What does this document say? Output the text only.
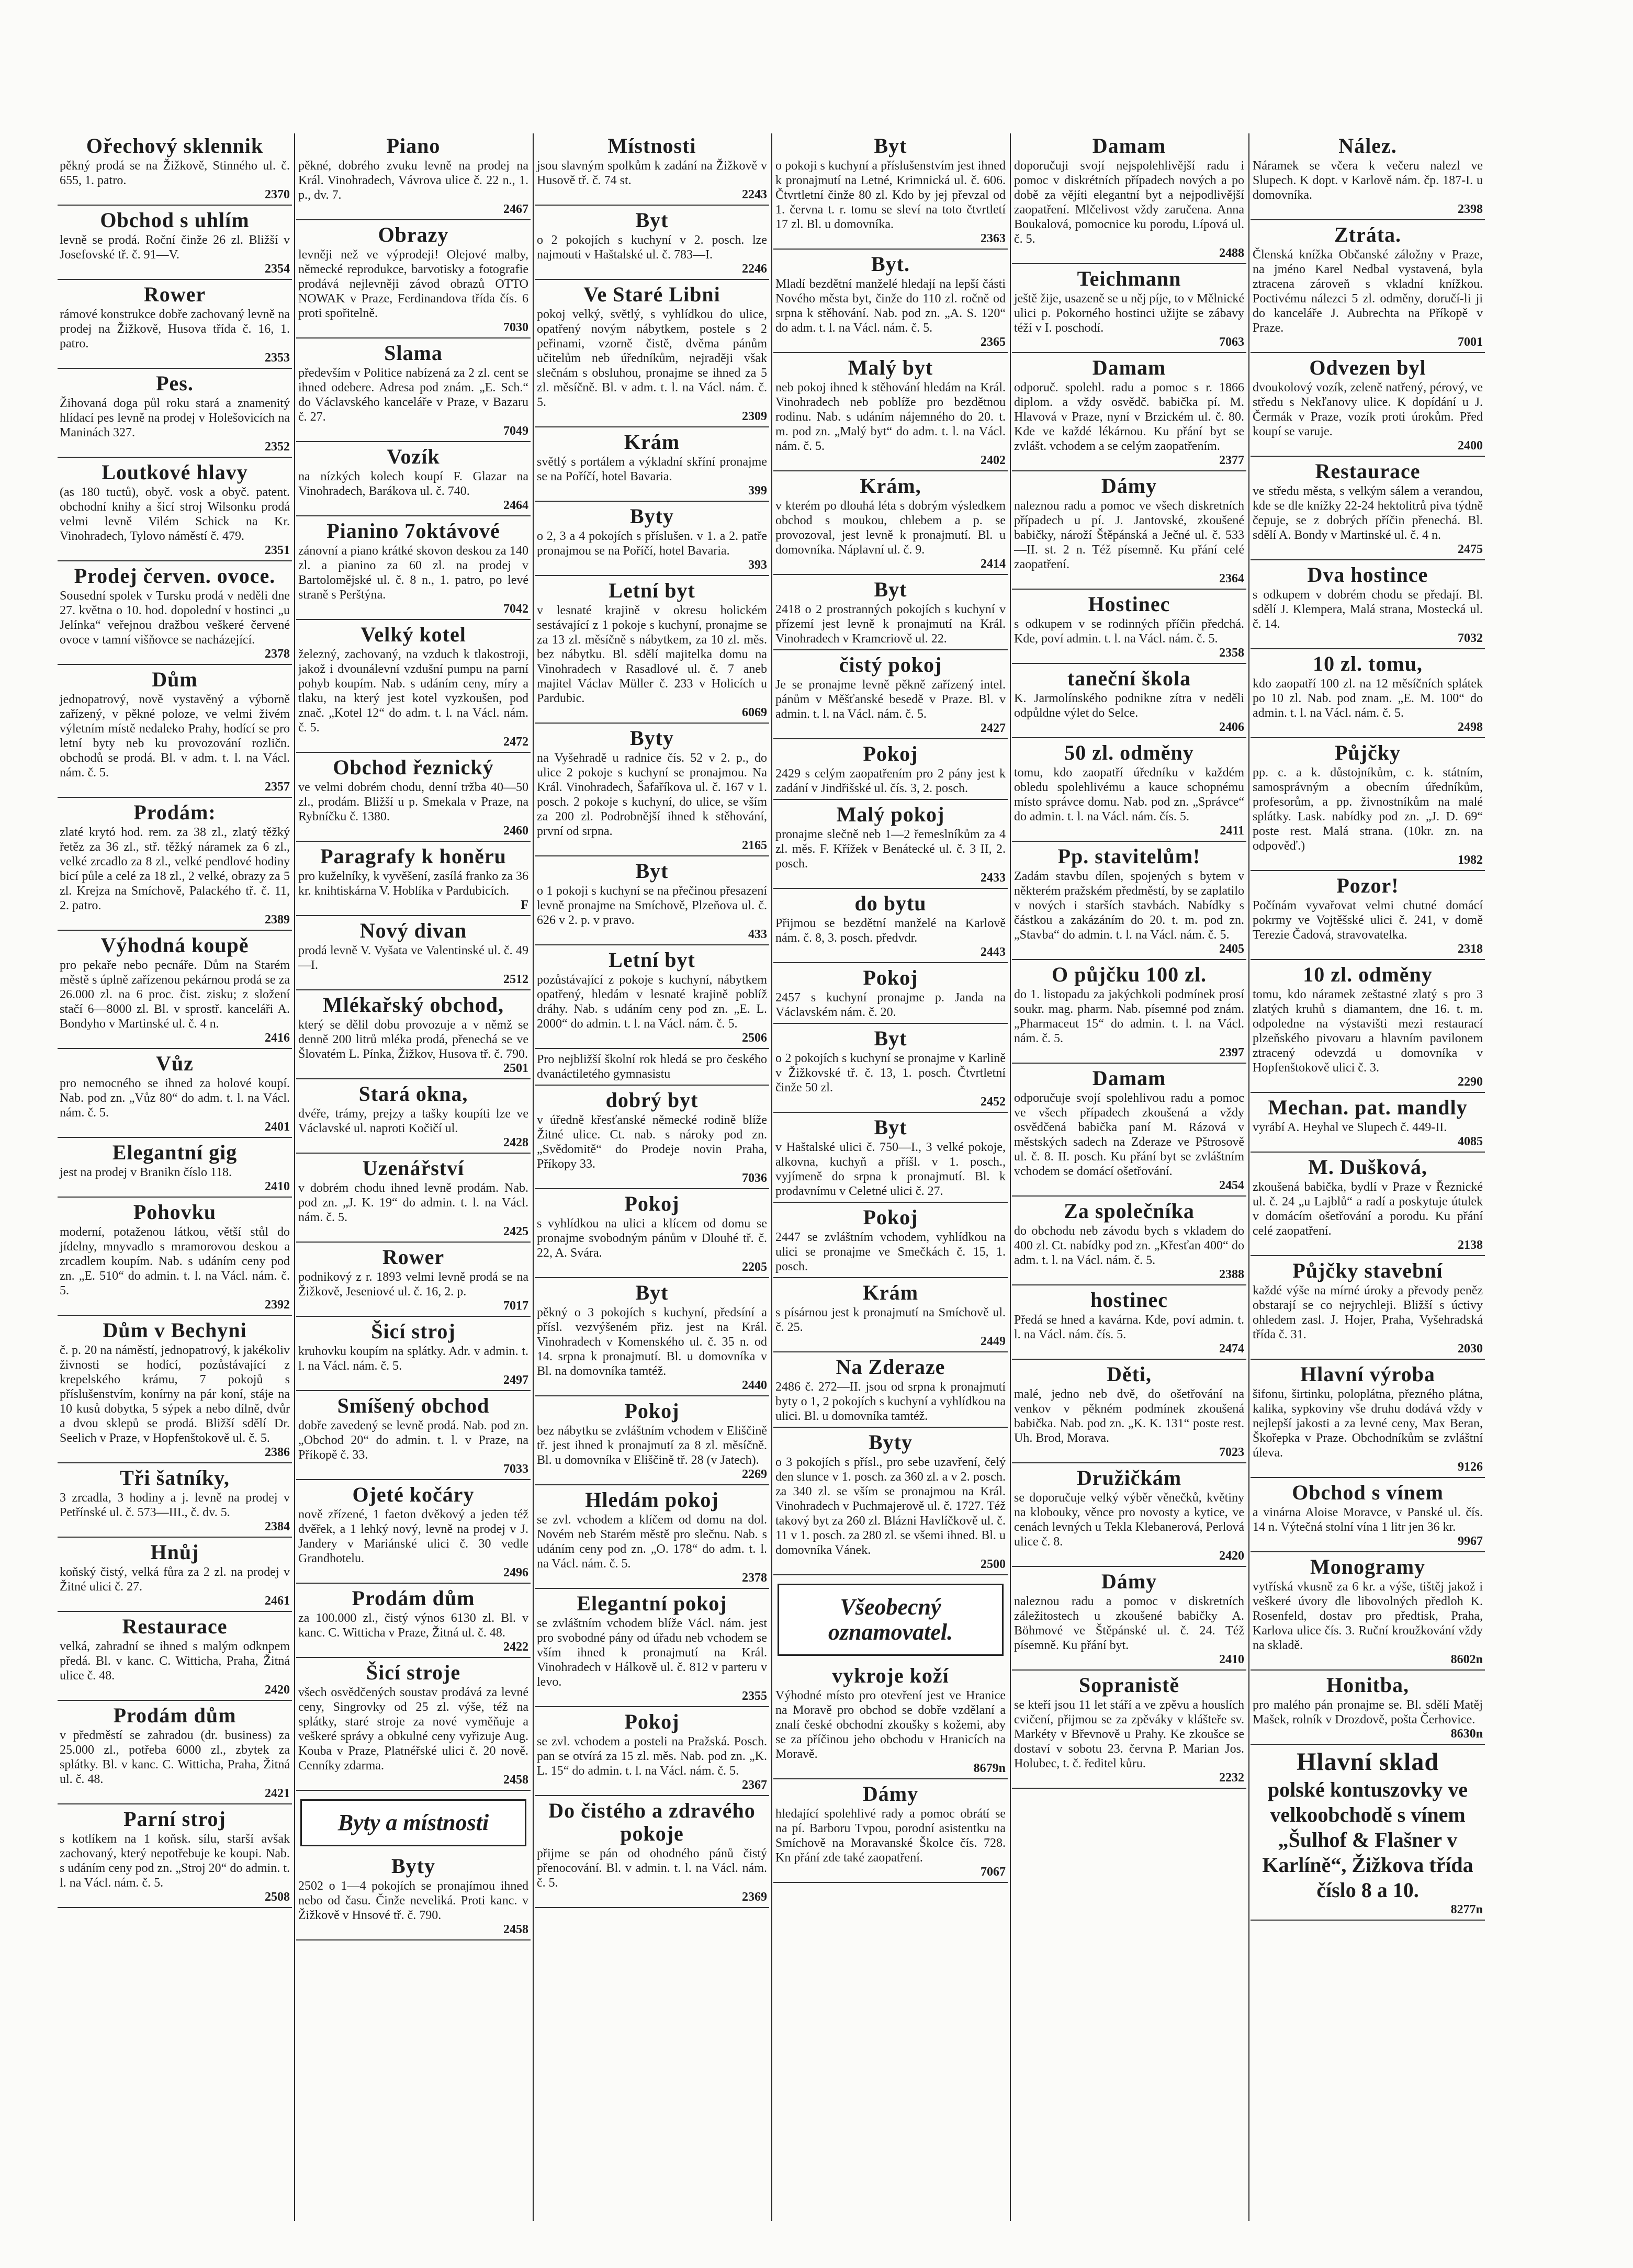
Ořechový sklennik

pěkný prodá se na Žižkově, Stinného ul. č. 655, 1. patro.

2370
Obchod s uhlím

levně se prodá. Roční činže 26 zl. Bližší v Josefovské tř. č. 91—V.

2354
Rower

rámové konstrukce dobře zachovaný levně na prodej na Žižkově, Husova třída č. 16, 1. patro.

2353
Pes.

Žihovaná doga půl roku stará a znamenitý hlídací pes levně na prodej v Holešovicích na Maninách 327.

2352
Loutkové hlavy

(as 180 tuctů), obyč. vosk a obyč. patent. obchodní knihy a šicí stroj Wilsonku prodá velmi levně Vilém Schick na Kr. Vinohradech, Tylovo náměstí č. 479.

2351
Prodej červen. ovoce.

Sousední spolek v Tursku prodá v neděli dne 27. května o 10. hod. dopolední v hostinci „u Jelínka“ veřejnou dražbou veškeré červené ovoce v tamní višňovce se nacházející.

2378
Dům

jednopatrový, nově vystavěný a výborně zařízený, v pěkné poloze, ve velmi živém výletním místě nedaleko Prahy, hodící se pro letní byty neb ku provozování rozličn. obchodů se prodá. Bl. v adm. t. l. na Václ. nám. č. 5.

2357
Prodám:

zlaté krytó hod. rem. za 38 zl., zlatý těžký řetěz za 36 zl., stř. těžký náramek za 6 zl., velké zrcadlo za 8 zl., velké pendlové hodiny bicí půle a celé za 18 zl., 2 velké, obrazy za 5 zl. Krejza na Smíchově, Palackého tř. č. 11, 2. patro.

2389
Výhodná koupě

pro pekaře nebo pecnáře. Dům na Starém městě s úplně zařízenou pekárnou prodá se za 26.000 zl. na 6 proc. čist. zisku; z složení stačí 6—8000 zl. Bl. v sprostř. kanceláři A. Bondyho v Martinské ul. č. 4 n.

2416
Vůz

pro nemocného se ihned za holové koupí. Nab. pod zn. „Vůz 80“ do adm. t. l. na Václ. nám. č. 5.

2401
Elegantní gig

jest na prodej v Branikn číslo 118.

2410
Pohovku

moderní, potaženou látkou, větší stůl do jídelny, mnyvadlo s mramorovou deskou a zrcadlem koupím. Nab. s udáním ceny pod zn. „E. 510“ do admin. t. l. na Václ. nám. č. 5.

2392
Dům v Bechyni

č. p. 20 na náměstí, jednopatrový, k jakékoliv živnosti se hodící, pozůstávající z krepelského krámu, 7 pokojů s příslušenstvím, konírny na pár koní, stáje na 10 kusů dobytka, 5 sýpek a nebo dílně, dvůr a dvou sklepů se prodá. Bližší sdělí Dr. Seelich v Praze, v Hopfenštokově ul. č. 5.

2386
Tři šatníky,

3 zrcadla, 3 hodiny a j. levně na prodej v Petřínské ul. č. 573—III., č. dv. 5.

2384
Hnůj

koňský čistý, velká fůra za 2 zl. na prodej v Žitné ulici č. 27.

2461
Restaurace

velká, zahradní se ihned s malým odknpem předá. Bl. v kanc. C. Witticha, Praha, Žitná ulice č. 48.

2420
Prodám dům

v předměstí se zahradou (dr. business) za 25.000 zl., potřeba 6000 zl., zbytek za splátky. Bl. v kanc. C. Witticha, Praha, Žitná ul. č. 48.

2421
Parní stroj

s kotlíkem na 1 koňsk. sílu, starší avšak zachovaný, který nepotřebuje ke koupi. Nab. s udáním ceny pod zn. „Stroj 20“ do admin. t. l. na Václ. nám. č. 5.

2508
Piano

pěkné, dobrého zvuku levně na prodej na Král. Vinohradech, Vávrova ulice č. 22 n., 1. p., dv. 7.

2467
Obrazy

levněji než ve výprodeji! Olejové malby, německé reprodukce, barvotisky a fotografie prodává nejlevněji závod obrazů OTTO NOWAK v Praze, Ferdinandova třída čís. 6 proti spořitelně.

7030
Slama

především v Politice nabízená za 2 zl. cent se ihned odebere. Adresa pod znám. „E. Sch.“ do Václavského kanceláře v Praze, v Bazaru č. 27.

7049
Vozík

na nízkých kolech koupí F. Glazar na Vinohradech, Barákova ul. č. 740.

2464
Pianino 7oktávové

zánovní a piano krátké skovon deskou za 140 zl. a pianino za 60 zl. na prodej v Bartolomějské ul. č. 8 n., 1. patro, po levé straně s Perštýna.

7042
Velký kotel

železný, zachovaný, na vzduch k tlakostroji, jakož i dvounálevní vzdušní pumpu na parní pohyb koupím. Nab. s udáním ceny, míry a tlaku, na který jest kotel vyzkoušen, pod znač. „Kotel 12“ do adm. t. l. na Václ. nám. č. 5.

2472
Obchod řeznický

ve velmi dobrém chodu, denní tržba 40—50 zl., prodám. Bližší u p. Smekala v Praze, na Rybníčku č. 1380.

2460
Paragrafy k honěru

pro kuželníky, k vyvěšení, zasílá franko za 36 kr. knihtiskárna V. Hoblíka v Pardubicích.

F
Nový divan

prodá levně V. Vyšata ve Valentinské ul. č. 49—I.

2512
Mlékařský obchod,

který se dělil dobu provozuje a v němž se denně 200 litrů mléka prodá, přenechá se ve Šlovatém L. Pínka, Žižkov, Husova tř. č. 790.

2501
Stará okna,

dvéře, trámy, prejzy a tašky koupíti lze ve Václavské ul. naproti Kočičí ul.

2428
Uzenářství

v dobrém chodu ihned levně prodám. Nab. pod zn. „J. K. 19“ do admin. t. l. na Václ. nám. č. 5.

2425
Rower

podnikový z r. 1893 velmi levně prodá se na Žižkově, Jeseniové ul. č. 16, 2. p.

7017
Šicí stroj

kruhovku koupím na splátky. Adr. v admin. t. l. na Václ. nám. č. 5.

2497
Smíšený obchod

dobře zavedený se levně prodá. Nab. pod zn. „Obchod 20“ do admin. t. l. v Praze, na Příkopě č. 33.

7033
Ojeté kočáry

nově zřízené, 1 faeton dvěkový a jeden též dvěřek, a 1 lehký nový, levně na prodej v J. Jandery v Mariánské ulici č. 30 vedle Grandhotelu.

2496
Prodám dům

za 100.000 zl., čistý výnos 6130 zl. Bl. v kanc. C. Wittichа v Praze, Žitná ul. č. 48.

2422
Šicí stroje

všech osvědčených soustav prodává za levné ceny, Singrovky od 25 zl. výše, též na splátky, staré stroje za nové vyměňuje a veškeré správy a obkulné ceny vyřizuje Aug. Kouba v Praze, Platnéřské ulici č. 20 nově. Cenníky zdarma.

2458
Byty a místnosti
Byty

2502 o 1—4 pokojích se pronajímou ihned nebo od času. Činže neveliká. Proti kanc. v Žižkově v Hnsové tř. č. 790.

2458
Místnosti

jsou slavným spolkům k zadání na Žižkově v Husově tř. č. 74 st.

2243
Byt

o 2 pokojích s kuchyní v 2. posch. lze najmouti v Haštalské ul. č. 783—I.

2246
Ve Staré Libni

pokoj velký, světlý, s vyhlídkou do ulice, opatřený novým nábytkem, postele s 2 peřinami, vzorně čistě, dvěma pánům učitelům neb úředníkům, nejraději však slečnám s obsluhou, pronajme se ihned za 5 zl. měsíčně. Bl. v adm. t. l. na Václ. nám. č. 5.

2309
Krám

světlý s portálem a výkladní skříní pronajme se na Poříčí, hotel Bavaria.

399
Byty

o 2, 3 a 4 pokojích s příslušen. v 1. a 2. patře pronajmou se na Poříčí, hotel Bavaria.

393
Letní byt

v lesnaté krajině v okresu holickém sestávající z 1 pokoje s kuchyní, pronajme se za 13 zl. měsíčně s nábytkem, za 10 zl. měs. bez nábytku. Bl. sdělí majitelka domu na Vinohradech v Rasadlové ul. č. 7 aneb majitel Václav Müller č. 233 v Holicích u Pardubic.

6069
Byty

na Vyšehradě u radnice čís. 52 v 2. p., do ulice 2 pokoje s kuchyní se pronajmou. Na Král. Vinohradech, Šafaříkova ul. č. 167 v 1. posch. 2 pokoje s kuchyní, do ulice, se vším za 200 zl. Podrobnější ihned k stěhování, první od srpna.

2165
Byt

o 1 pokoji s kuchyní se na přečinou přesazení levně pronajme na Smíchově, Plzeňova ul. č. 626 v 2. p. v pravo.

433
Letní byt

pozůstávající z pokoje s kuchyní, nábytkem opatřený, hledám v lesnaté krajině poblíž dráhy. Nab. s udáním ceny pod zn. „E. L. 2000“ do admin. t. l. na Václ. nám. č. 5.

2506

Pro nejbližší školní rok hledá se pro českého dvanáctiletého gymnasistu

dobrý byt

v úředně křesťanské německé rodině blíže Žitné ulice. Ct. nab. s nároky pod zn. „Svědomitě“ do Prodeje novin Praha, Příkopy 33.

7036
Pokoj

s vyhlídkou na ulici a klícem od domu se pronajme svobodným pánům v Dlouhé tř. č. 22, A. Svára.

2205
Byt

pěkný o 3 pokojích s kuchyní, předsíní a přísl. vezvýšeném přiz. jest na Král. Vinohradech v Komenského ul. č. 35 n. od 14. srpna k pronajmutí. Bl. u domovníka v Bl. na domovníka tamtéž.

2440
Pokoj

bez nábytku se zvláštním vchodem v Eliščině tř. jest ihned k pronajmutí za 8 zl. měsíčně. Bl. u domovníka v Eliščině tř. 28 (v Jatech).

2269
Hledám pokoj

se zvl. vchodem a klíčem od domu na dol. Novém neb Starém městě pro slečnu. Nab. s udáním ceny pod zn. „O. 178“ do adm. t. l. na Václ. nám. č. 5.

2378
Elegantní pokoj

se zvláštním vchodem blíže Václ. nám. jest pro svobodné pány od úřadu neb vchodem se vším ihned k pronajmutí na Král. Vinohradech v Hálkově ul. č. 812 v parteru v levo.

2355
Pokoj

se zvl. vchodem a posteli na Pražská. Posch. pan se otvírá za 15 zl. měs. Nab. pod zn. „K. L. 15“ do admin. t. l. na Václ. nám. č. 5.

2367
Do čistého a zdravého pokoje

přijme se pán od ohodného pánů čistý přenocování. Bl. v admin. t. l. na Václ. nám. č. 5.

2369
Byt

o pokoji s kuchyní a příslušenstvím jest ihned k pronajmutí na Letné, Krimnická ul. č. 606. Čtvrtletní činže 80 zl. Kdo by jej převzal od 1. června t. r. tomu se sleví na toto čtvrtletí 17 zl. Bl. u domovníka.

2363
Byt.

Mladí bezdětní manželé hledají na lepší části Nového města byt, činže do 110 zl. ročně od srpna k stěhování. Nab. pod zn. „A. S. 120“ do adm. t. l. na Václ. nám. č. 5.

2365
Malý byt

neb pokoj ihned k stěhování hledám na Král. Vinohradech neb poblíže pro bezdětnou rodinu. Nab. s udáním nájemného do 20. t. m. pod zn. „Malý byt“ do adm. t. l. na Václ. nám. č. 5.

2402
Krám,

v kterém po dlouhá léta s dobrým výsledkem obchod s moukou, chlebem a p. se provozoval, jest levně k pronajmutí. Bl. u domovníka. Náplavní ul. č. 9.

2414
Byt

2418 o 2 prostranných pokojích s kuchyní v přízemí jest levně k pronajmutí na Král. Vinohradech v Kramcriově ul. 22.

čistý pokoj

Je se pronajme levně pěkně zařízený intel. pánům v Měšťanské besedě v Praze. Bl. v admin. t. l. na Václ. nám. č. 5.

2427
Pokoj

2429 s celým zaopatřením pro 2 pány jest k zadání v Jindřišské ul. čís. 3, 2. posch.

Malý pokoj

pronajme slečně neb 1—2 řemeslníkům za 4 zl. měs. F. Křížek v Benátecké ul. č. 3 II, 2. posch.

2433
do bytu

Přijmou se bezdětní manželé na Karlově nám. č. 8, 3. posch. předvdr.

2443
Pokoj

2457 s kuchyní pronajme p. Jandа na Václavském nám. č. 20.

Byt

o 2 pokojích s kuchyní se pronajme v Karlině v Žižkovské tř. č. 13, 1. posch. Čtvrtletní činže 50 zl.

2452
Byt

v Haštalské ulici č. 750—I., 3 velké pokoje, alkovna, kuchyň a příšl. v 1. posch., vyjímeně do srpna k pronajmutí. Bl. k prodavnímu v Celetné ulici č. 27.

Pokoj

2447 se zvláštním vchodem, vyhlídkou na ulici se pronajme ve Smečkách č. 15, 1. posch.

Krám

s písárnou jest k pronajmutí na Smíchově ul. č. 25.

2449
Na Zderaze

2486 č. 272—II. jsou od srpna k pronajmutí byty o 1, 2 pokojích s kuchyní a vyhlídkou na ulici. Bl. u domovníka tamtéž.

Byty

o 3 pokojích s přísl., pro sebe uzavření, čelý den slunce v 1. posch. za 360 zl. a v 2. posch. za 340 zl. se vším se pronajmou na Král. Vinohradech v Puchmajerově ul. č. 1727. Též takový byt za 260 zl. Blázni Havlíčkově ul. č. 11 v 1. posch. za 280 zl. se všemi ihned. Bl. u domovníka Vánek.

2500
Všeobecný oznamovatel.
vykroje koží

Výhodné místo pro otevření jest ve Hranice na Moravě pro obchod se dobře vzdělaní a znalí české obchodní zkoušky s kožemi, aby se za příčinou jeho obchodu v Hranicích na Moravě.

8679n
Dámy

hledající spolehlivé rady a pomoc obrátí se na pí. Barboru Tvpou, porodní asistentku na Smíchově na Moravanské Školce čís. 728. Kn přání zde také zaopatření.

7067
Damam

doporučuji svojí nejspolehlivější radu i pomoc v diskrétních případech nových a po době za vějíti elegantní byt a nejpodlivější zaopatření. Mlčelivost vždy zaručena. Anna Boukalová, pomocnice ku porodu, Lípová ul. č. 5.

2488
Teichmann

ještě žije, usazeně se u něj píje, to v Mělnické ulici p. Pokorného hostinci užijte se zábavy téží v I. poschodí.

7063
Damam

odporuč. spolehl. radu a pomoc s r. 1866 diplom. a vždy osvědč. babička pí. M. Hlavová v Praze, nyní v Brzickém ul. č. 80. Kde ve každé lékárnou. Ku přání byt se zvlášt. vchodem a se celým zaopatřením.

2377
Dámy

naleznou radu a pomoc ve všech diskretních případech u pí. J. Jantovské, zkoušené babičky, nároží Štěpánská a Ječné ul. č. 533—II. st. 2 n. Též písemně. Ku přání celé zaopatření.

2364
Hostinec

s odkupem v se rodinných příčin předchá. Kde, poví admin. t. l. na Václ. nám. č. 5.

2358
taneční škola

K. Jarmolínského podnikne zítra v neděli odpůldne výlet do Selce.

2406
50 zl. odměny

tomu, kdo zaopatří úředníku v každém obledu spolehlivému a kauce schopnému místo správce domu. Nab. pod zn. „Správce“ do admin. t. l. na Václ. nám. čís. 5.

2411
Pp. stavitelům!

Zadám stavbu dílen, spojených s bytem v některém pražském předměstí, by se zaplatilo v nových i starších stavbách. Nabídky s částkou a zakázáním do 20. t. m. pod zn. „Stavba“ do admin. t. l. na Václ. nám. č. 5.

2405
O půjčku 100 zl.

do 1. listopadu za jakýchkoli podmínek prosí soukr. mag. pharm. Nab. písemné pod znám. „Pharmaceut 15“ do admin. t. l. na Václ. nám. č. 5.

2397
Damam

odporučuje svojí spolehlivou radu a pomoc ve všech případech zkoušená a vždy osvědčená babička paní M. Rázová v městských sadech na Zderaze ve Pštrosově ul. č. 8. II. posch. Ku přání byt se zvláštním vchodem se domácí ošetřování.

2454
Za společníka

do obchodu neb závodu bych s vkladem do 400 zl. Ct. nabídky pod zn. „Křesťan 400“ do adm. t. l. na Václ. nám. č. 5.

2388
hostinec

Předá se hned a kavárna. Kde, poví admin. t. l. na Václ. nám. čís. 5.

2474
Děti,

malé, jedno neb dvě, do ošetřování na venkov v pěkném podmínek zkoušená babička. Nab. pod zn. „K. K. 131“ poste rest. Uh. Brod, Morava.

7023
Družičkám

se doporučuje velký výběr věnečků, květiny na klobouky, věnce pro novosty a kytice, ve cenách levných u Tekla Klebanerová, Perlová ulice č. 8.

2420
Dámy

naleznou radu a pomoc v diskretních záležitostech u zkoušené babičky A. Böhmové ve Štěpánské ul. č. 24. Též písemně. Ku přání byt.

2410
Sopranistě

se kteří jsou 11 let stáří a ve zpěvu a houslích cvičení, přijmou se za zpěváky v klášteře sv. Markéty v Břevnově u Prahy. Ke zkoušce se dostaví v sobotu 23. června P. Marian Jos. Holubec, t. č. ředitel kůru.

2232
Nález.

Náramek se včera k večeru nalezl ve Slupech. K dopt. v Karlově nám. čp. 187-I. u domovníka.

2398
Ztráta.

Členská knížka Občanské záložny v Praze, na jméno Karel Nedbal vystavená, byla ztracena zároveň s vkladní knížkou. Poctivému nálezci 5 zl. odměny, doručí-li ji do kanceláře J. Aubrechta na Příkopě v Praze.

7001
Odvezen byl

dvoukolový vozík, zeleně natřený, pérový, ve středu s Nekľanovy ulice. K dopídání u J. Čermák v Praze, vozík proti úrokům. Před koupí se varuje.

2400
Restaurace

ve středu města, s velkým sálem a verandou, kde se dle knížky 22-24 hektolitrů piva týdně čepuje, se z dobrých příčin přenechá. Bl. sdělí A. Bondy v Martinské ul. č. 4 n.

2475
Dva hostince

s odkupem v dobrém chodu se předají. Bl. sdělí J. Klempera, Malá strana, Mostecká ul. č. 14.

7032
10 zl. tomu,

kdo zaopatří 100 zl. na 12 měsíčních splátek po 10 zl. Nab. pod znam. „E. M. 100“ do admin. t. l. na Václ. nám. č. 5.

2498
Půjčky

pp. c. a k. důstojníkům, c. k. státním, samosprávným a obecním úředníkům, profesorům, a pp. živnostníkům na malé splátky. Lask. nabídky pod zn. „J. D. 69“ poste rest. Malá strana. (10kr. zn. na odpověď.)

1982
Pozor!

Počínám vyvařovat velmi chutné domácí pokrmy ve Vojtěšské ulici č. 241, v domě Terezie Čadová, stravovatelka.

2318
10 zl. odměny

tomu, kdo náramek zeštastné zlatý s pro 3 zlatých kruhů s diamantem, dne 16. t. m. odpoledne na výstavišti mezi restaurací plzeňského pivovaru a hlavním pavilonem ztracený odevzdá u domovníka v Hopfenštokově ulici č. 3.

2290
Mechan. pat. mandly

vyrábí A. Heyhal ve Slupech č. 449-II.

4085
M. Dušková,

zkoušená babička, bydlí v Praze v Řeznické ul. č. 24 „u Lajblů“ a radí a poskytuje útulek v domácím ošetřování a porodu. Ku přání celé zaopatření.

2138
Půjčky stavební

každé výše na mírné úroky a převody peněz obstarají se co nejrychleji. Bližší s úctivy ohledem zasl. J. Hojer, Praha, Vyšehradská třída č. 31.

2030
Hlavní výroba

šifonu, širtinku, poloplátna, přezného plátna, kalika, sypkoviny vše druhu dodává vždy v nejlepší jakosti a za levné ceny, Max Beran, Škořepka v Praze. Obchodníkům se zvláštní úleva.

9126
Obchod s vínem

a vinárna Aloise Moravce, v Panské ul. čís. 14 n. Výtečná stolní vína 1 litr jen 36 kr.

9967
Monogramy

vytříská vkusně za 6 kr. a výše, tištěj jakož i veškeré úvory dle libovolných předloh K. Rosenfeld, dostav pro předtisk, Praha, Karlova ulice čís. 3. Ruční kroužkování vždy na skladě.

8602n
Honitba,

pro malého pán pronajme se. Bl. sdělí Matěj Mašek, rolník v Drozdově, pošta Čerhovice.

8630n
Hlavní sklad

polské kontuszovky ve velkoobchodě s vínem „Šulhof & Flašner v Karlíně“, Žižkova třída číslo 8 a 10.

8277n
